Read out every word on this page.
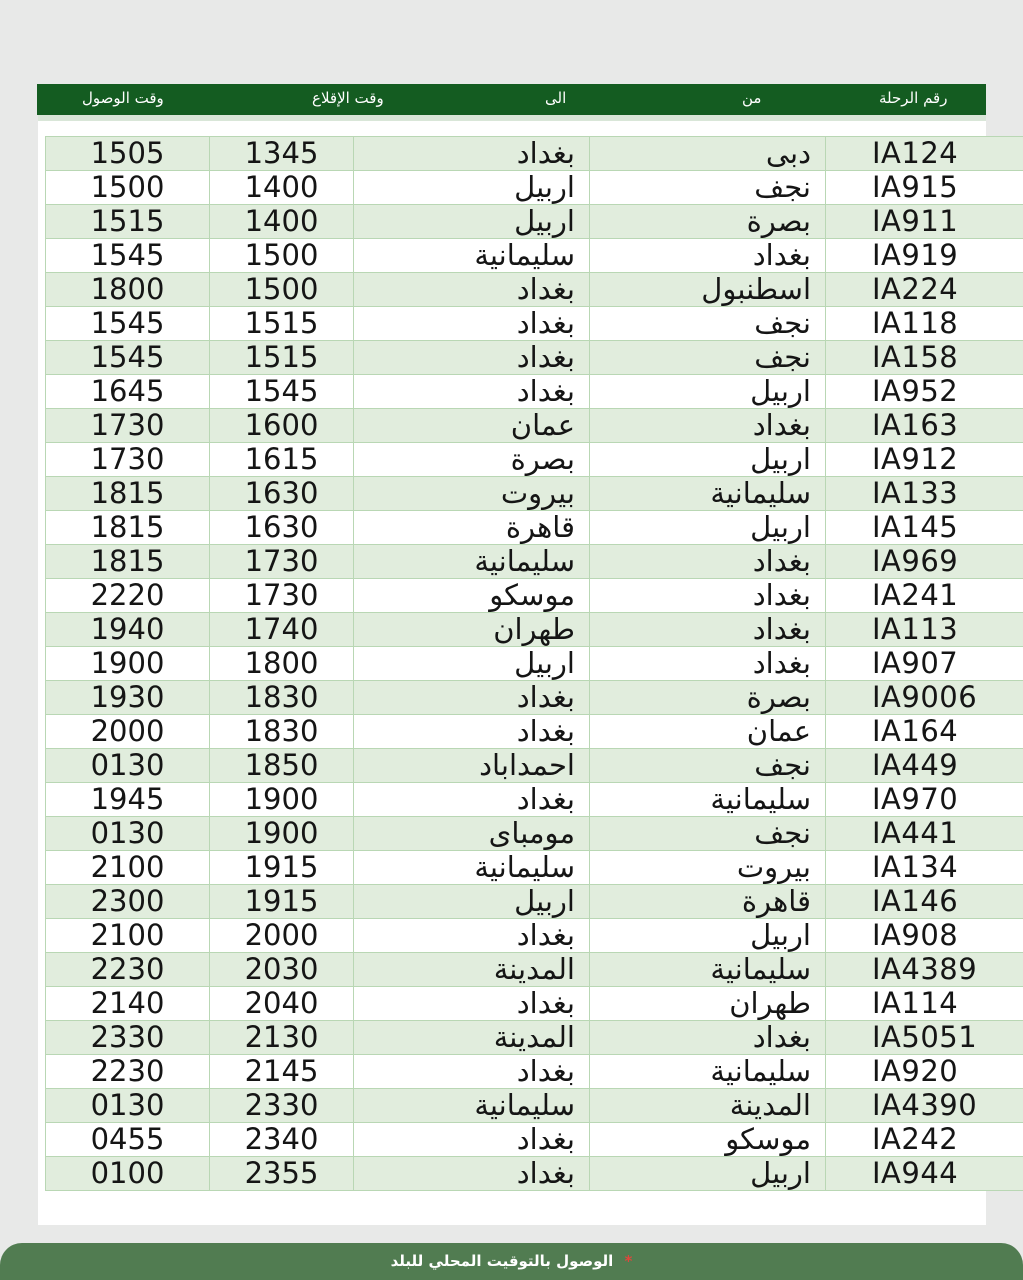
وقت الوصول	وقت الإقلاع	الى	من	رقم الرحلة
1505	1345	بغداد	دبى	IA124
1500	1400	اربيل	نجف	IA915
1515	1400	اربيل	بصرة	IA911
1545	1500	سليمانية	بغداد	IA919
1800	1500	بغداد	اسطنبول	IA224
1545	1515	بغداد	نجف	IA118
1545	1515	بغداد	نجف	IA158
1645	1545	بغداد	اربيل	IA952
1730	1600	عمان	بغداد	IA163
1730	1615	بصرة	اربيل	IA912
1815	1630	بيروت	سليمانية	IA133
1815	1630	قاهرة	اربيل	IA145
1815	1730	سليمانية	بغداد	IA969
2220	1730	موسكو	بغداد	IA241
1940	1740	طهران	بغداد	IA113
1900	1800	اربيل	بغداد	IA907
1930	1830	بغداد	بصرة	IA9006
2000	1830	بغداد	عمان	IA164
0130	1850	احمداباد	نجف	IA449
1945	1900	بغداد	سليمانية	IA970
0130	1900	مومباى	نجف	IA441
2100	1915	سليمانية	بيروت	IA134
2300	1915	اربيل	قاهرة	IA146
2100	2000	بغداد	اربيل	IA908
2230	2030	المدينة	سليمانية	IA4389
2140	2040	بغداد	طهران	IA114
2330	2130	المدينة	بغداد	IA5051
2230	2145	بغداد	سليمانية	IA920
0130	2330	سليمانية	المدينة	IA4390
0455	2340	بغداد	موسكو	IA242
0100	2355	بغداد	اربيل	IA944
الوصول بالتوقيت المحلي للبلد *
